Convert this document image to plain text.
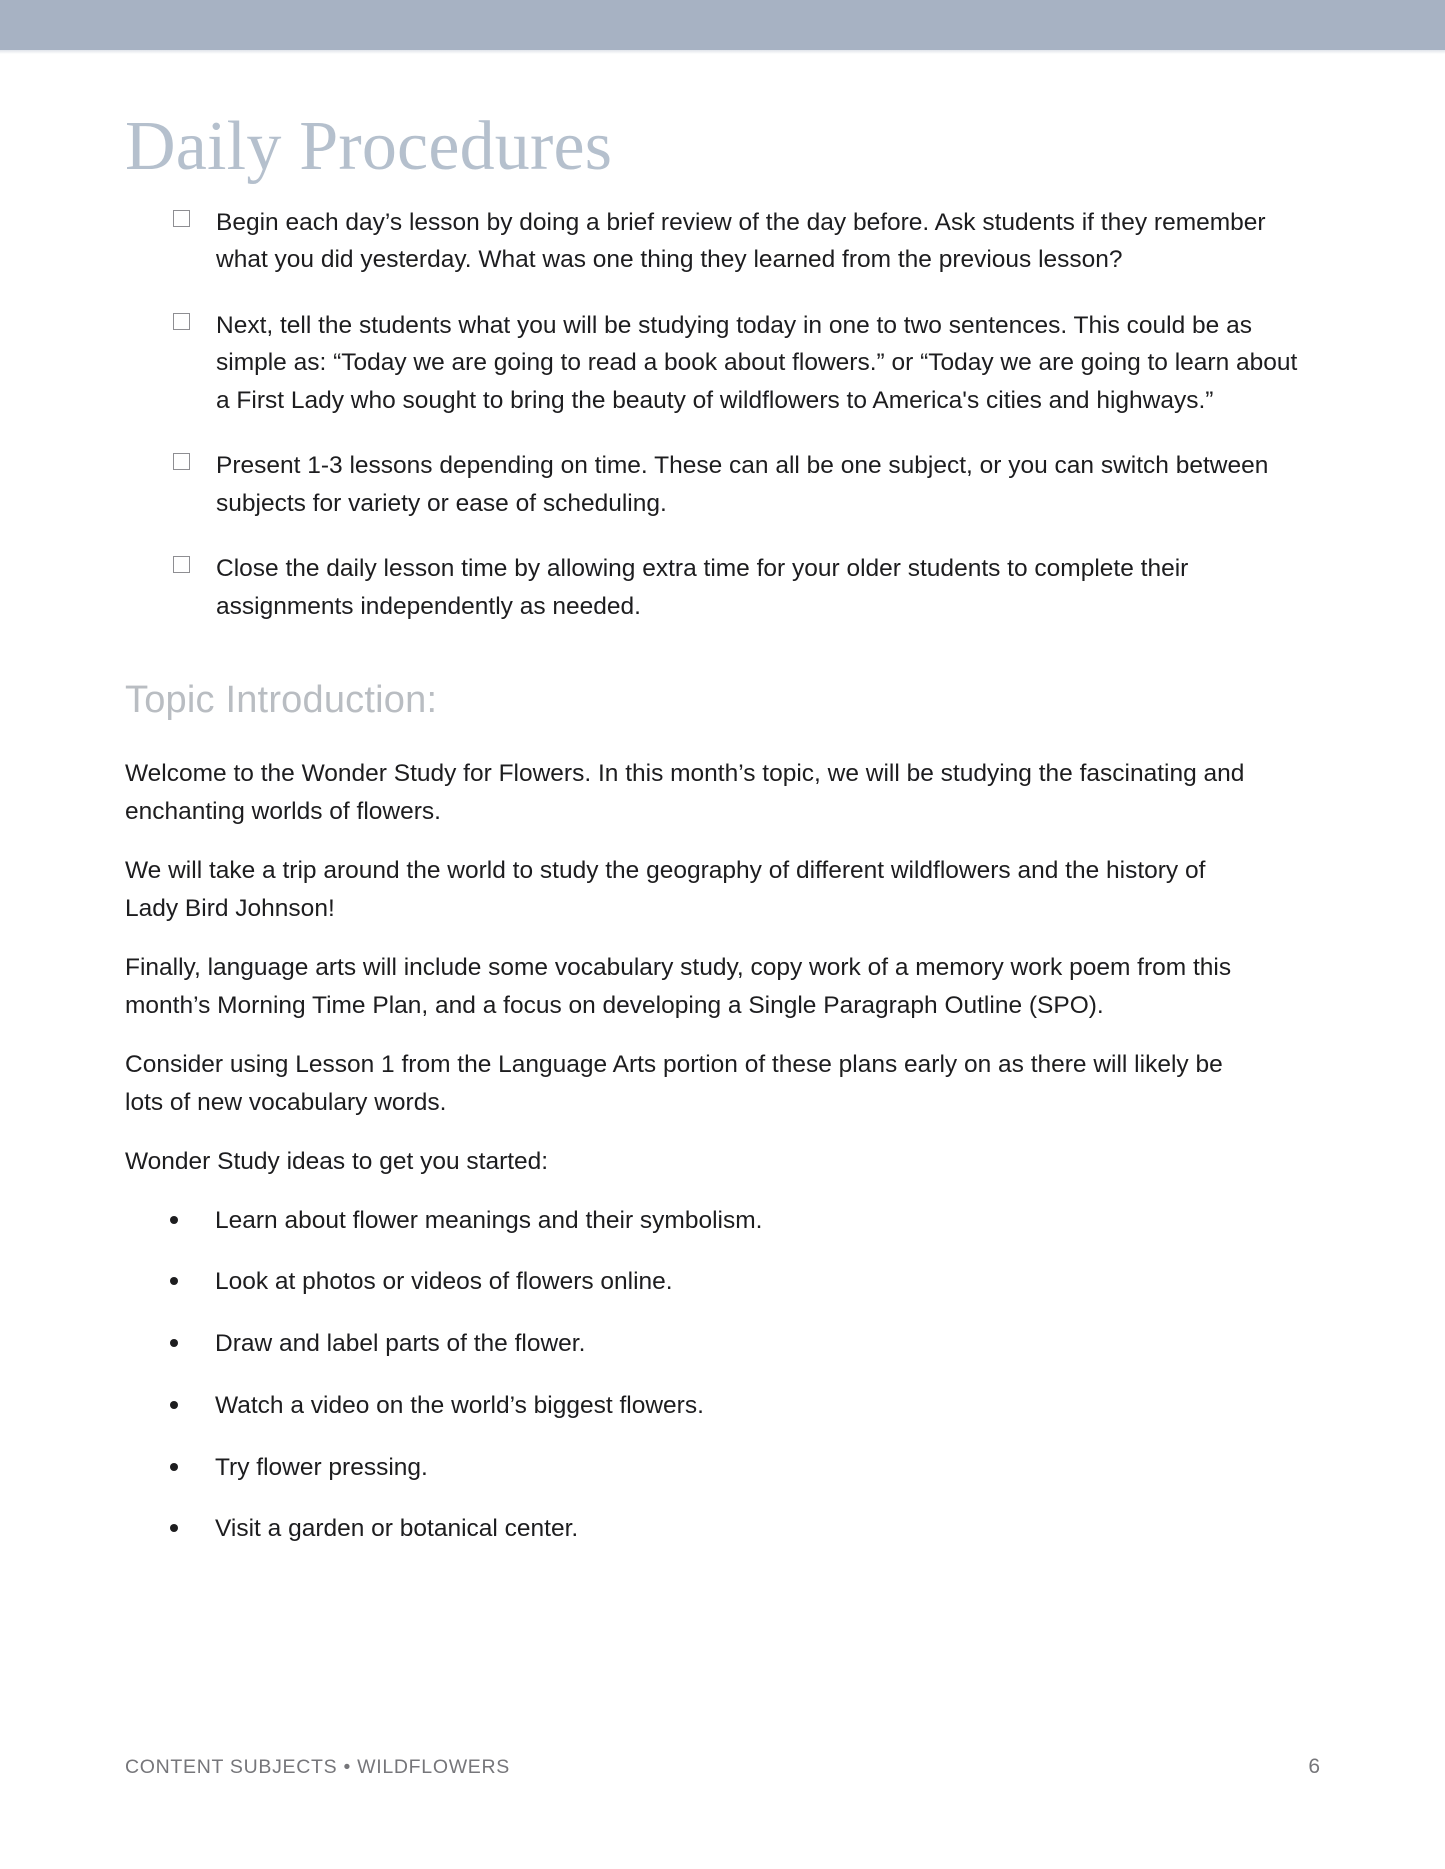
Daily Procedures
Begin each day’s lesson by doing a brief review of the day before. Ask students if they remember what you did yesterday. What was one thing they learned from the previous lesson?
Next, tell the students what you will be studying today in one to two sentences. This could be as simple as: “Today we are going to read a book about flowers.” or “Today we are going to learn about a First Lady who sought to bring the beauty of wildflowers to America's cities and highways.”
Present 1-3 lessons depending on time. These can all be one subject, or you can switch between subjects for variety or ease of scheduling.
Close the daily lesson time by allowing extra time for your older students to complete their assignments independently as needed.
Topic Introduction:

Welcome to the Wonder Study for Flowers. In this month’s topic, we will be studying the fascinating and enchanting worlds of flowers.

We will take a trip around the world to study the geography of different wildflowers and the history of Lady Bird Johnson!

Finally, language arts will include some vocabulary study, copy work of a memory work poem from this month’s Morning Time Plan, and a focus on developing a Single Paragraph Outline (SPO).

Consider using Lesson 1 from the Language Arts portion of these plans early on as there will likely be lots of new vocabulary words.

Wonder Study ideas to get you started:

Learn about flower meanings and their symbolism.
Look at photos or videos of flowers online.
Draw and label parts of the flower.
Watch a video on the world’s biggest flowers.
Try flower pressing.
Visit a garden or botanical center.
CONTENT SUBJECTS • WILDFLOWERS	6
